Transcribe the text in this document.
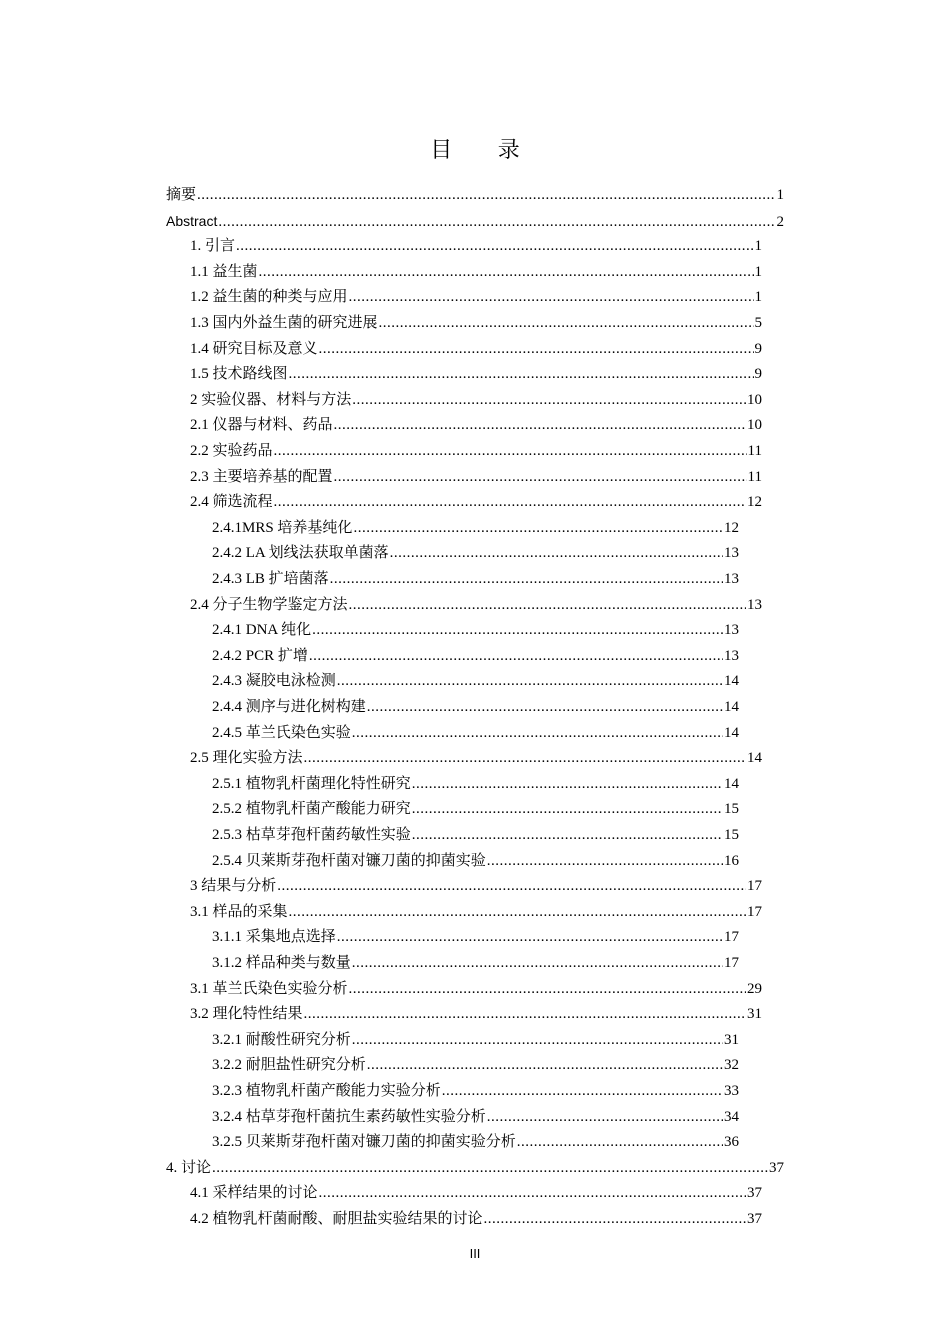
目 录
摘要 .....	1
Abstract .....	2
1. 引言 .....	1
1.1 益生菌 .....	1
1.2 益生菌的种类与应用 .....	1
1.3 国内外益生菌的研究进展 .....	5
1.4 研究目标及意义 .....	9
1.5 技术路线图 .....	9
2 实验仪器、材料与方法 .....	10
2.1 仪器与材料、药品 .....	10
2.2 实验药品 .....	11
2.3 主要培养基的配置 .....	11
2.4 筛选流程 .....	12
2.4.1MRS 培养基纯化 .....	12
2.4.2 LA 划线法获取单菌落 .....	13
2.4.3 LB 扩培菌落 .....	13
2.4 分子生物学鉴定方法 .....	13
2.4.1 DNA 纯化 .....	13
2.4.2 PCR 扩增 .....	13
2.4.3 凝胶电泳检测 .....	14
2.4.4 测序与进化树构建 .....	14
2.4.5 革兰氏染色实验 .....	14
2.5 理化实验方法 .....	14
2.5.1 植物乳杆菌理化特性研究 .....	14
2.5.2 植物乳杆菌产酸能力研究 .....	15
2.5.3 枯草芽孢杆菌药敏性实验 .....	15
2.5.4 贝莱斯芽孢杆菌对镰刀菌的抑菌实验 .....	16
3 结果与分析 .....	17
3.1 样品的采集 .....	17
3.1.1 采集地点选择 .....	17
3.1.2 样品种类与数量 .....	17
3.1 革兰氏染色实验分析 .....	29
3.2 理化特性结果 .....	31
3.2.1 耐酸性研究分析 .....	31
3.2.2 耐胆盐性研究分析 .....	32
3.2.3 植物乳杆菌产酸能力实验分析 .....	33
3.2.4 枯草芽孢杆菌抗生素药敏性实验分析 .....	34
3.2.5 贝莱斯芽孢杆菌对镰刀菌的抑菌实验分析 .....	36
4. 讨论 .....	37
4.1 采样结果的讨论 .....	37
4.2 植物乳杆菌耐酸、耐胆盐实验结果的讨论 .....	37
III
